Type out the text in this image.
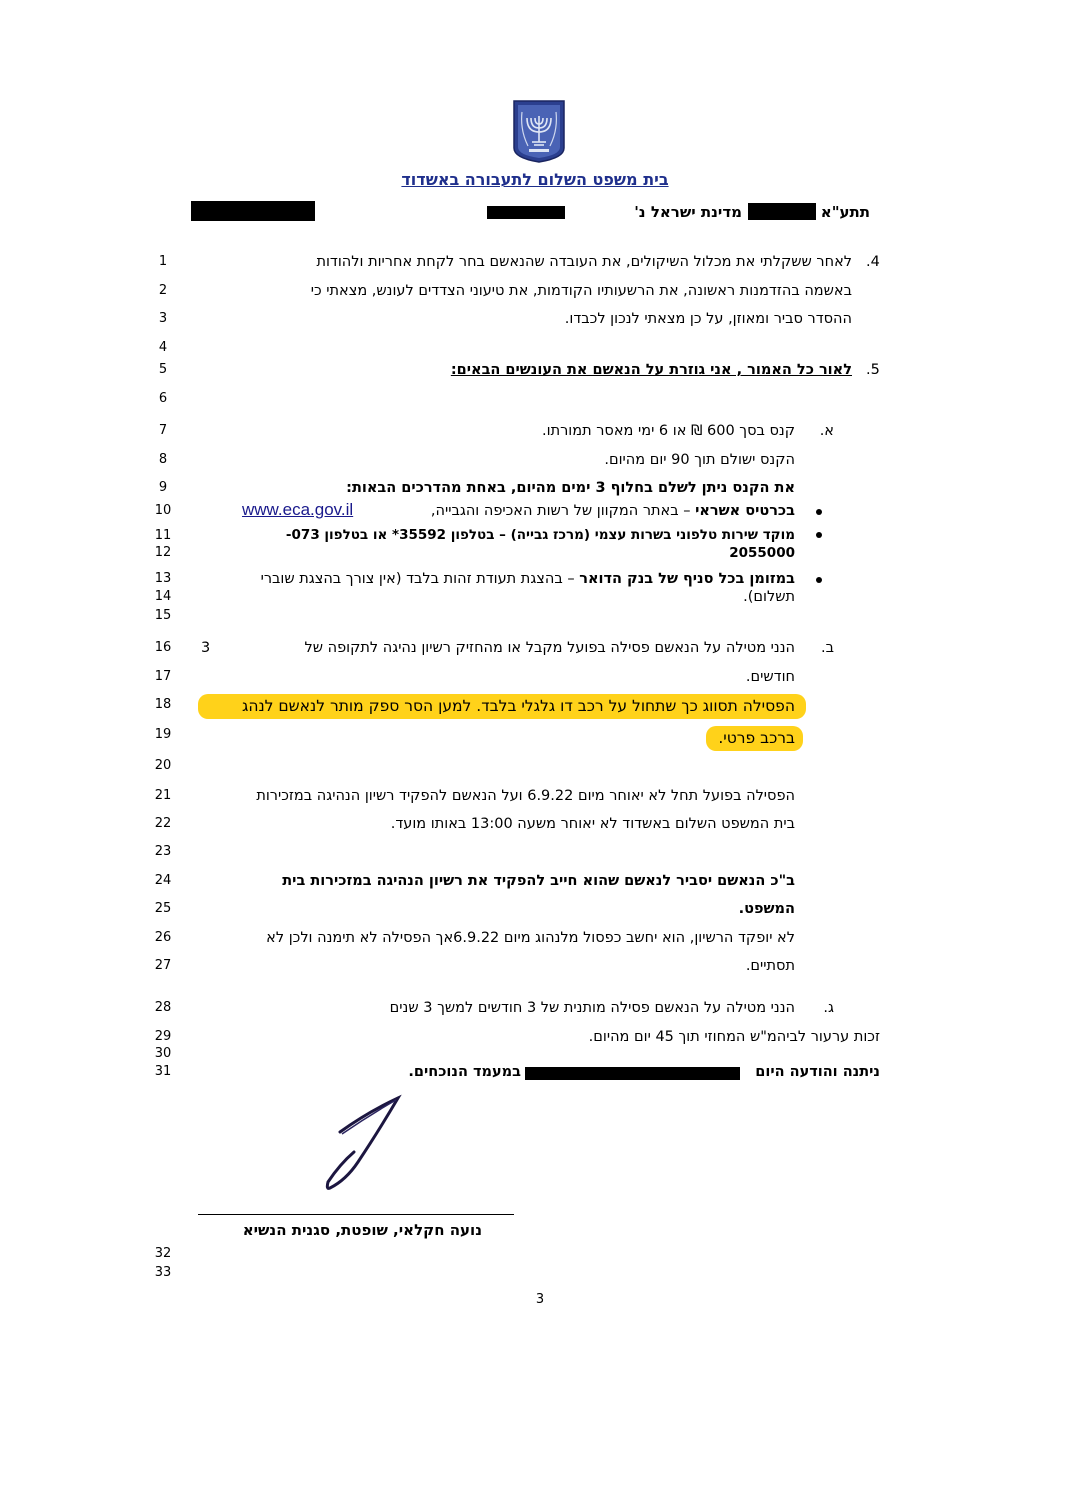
בית משפט השלום לתעבורה באשדוד
תתע"א
מדינת ישראל נ'
1
2
3
4
5
6
7
8
9
10
11
12
13
14
15
16
17
18
19
20
21
22
23
24
25
26
27
28
29
30
31
32
33
.4
לאחר ששקלתי את מכלול השיקולים, את העובדה שהנאשם בחר לקחת אחריות ולהודות
באשמה בהזדמנות ראשונה, את הרשעותיו הקודמות, את טיעוני הצדדים לעונש, מצאתי כי
ההסדר סביר ומאוזן, על כן מצאתי לנכון לכבדו.
.5
לאור כל האמור , אני גוזרת על הנאשם את העונשים הבאים:
א.
קנס בסך 600 ₪ או 6 ימי מאסר תמורתו.
הקנס ישולם תוך 90 יום מהיום.
את הקנס ניתן לשלם בחלוף 3 ימים מהיום, באחת מהדרכים הבאות:
בכרטיס אשראי – באתר המקוון של רשות האכיפה והגבייה,
www.eca.gov.il
מוקד שירות טלפוני בשרות עצמי (מרכז גבייה) – בטלפון 35592* או בטלפון 073-
2055000
במזומן בכל סניף של בנק הדואר – בהצגת תעודת זהות בלבד (אין צורך בהצגת שוברי
תשלום).
ב.
הנני מטילה על הנאשם פסילה בפועל מקבל או מהחזיק רשיון נהיגה לתקופה של
3
חודשים.
הפסילה תסווג כך שתחול על רכב דו גלגלי בלבד. למען הסר ספק מותר לנאשם לנהג
ברכב פרטי.
הפסילה בפועל תחל לא יאוחר מיום 6.9.22 ועל הנאשם להפקיד רשיון הנהיגה במזכירות
בית המשפט השלום באשדוד לא יאוחר משעה 13:00 באותו מועד.
ב"כ הנאשם יסביר לנאשם שהוא חייב להפקיד את רשיון הנהיגה במזכירות בית
המשפט.
לא יופקד הרשיון, הוא יחשב כפסול מלנהוג מיום 6.9.22אך הפסילה לא תימנה ולכן לא
תסתיים.
ג.
הנני מטילה על הנאשם פסילה מותנית של 3 חודשים למשך 3 שנים
זכות ערעור לביהמ"ש המחוזי תוך 45 יום מהיום.
ניתנה והודעה היום
במעמד הנוכחים.
נועה חקלאי, שופטת, סגנית הנשיא
3
